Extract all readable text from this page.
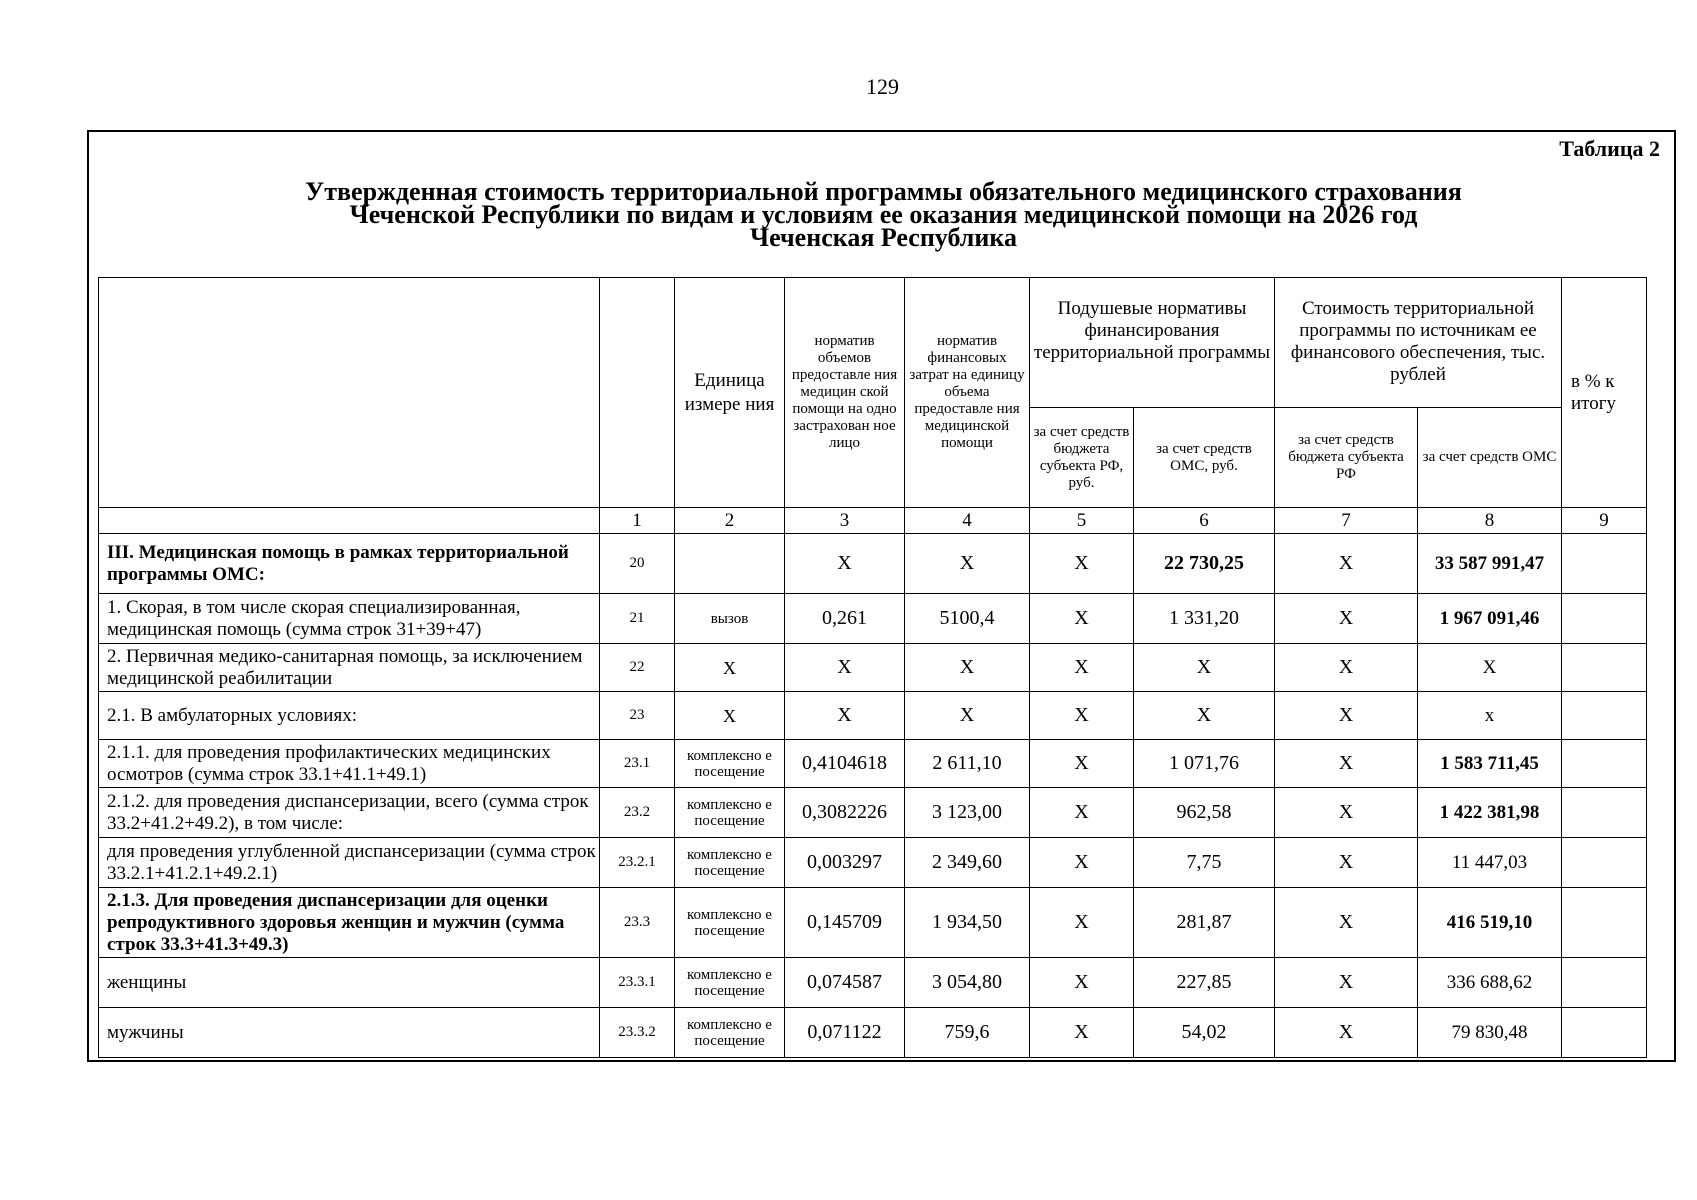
129
Таблица 2
Утвержденная стоимость территориальной программы обязательного медицинского страхования
Чеченской Республики по видам и условиям ее оказания медицинской помощи на 2026 год
Чеченская Республика
		Единица измере ния	норматив объемов предоставле ния медицин ской помощи на одно застрахован ное лицо	норматив финансовых затрат на единицу объема предоставле ния медицинской помощи	Подушевые нормативы финансирования территориальной программы		Стоимость территориальной программы по источникам ее финансового обеспечения, тыс. рублей		в % к итогу
					за счет средств бюджета субъекта РФ, руб.	за счет средств ОМС, руб.	за счет средств бюджета субъекта РФ	за счет средств ОМС	
	1	2	3	4	5	6	7	8	9
III. Медицинская помощь в рамках территориальной программы ОМС:	20		X	X	X	22 730,25	X	33 587 991,47	
1. Скорая, в том числе скорая специализированная, медицинская помощь (сумма строк 31+39+47)	21	вызов	0,261	5100,4	X	1 331,20	X	1 967 091,46	
2. Первичная медико-санитарная помощь, за исключением медицинской реабилитации	22	X	X	X	X	X	X	X	
2.1. В амбулаторных условиях:	23	X	X	X	X	X	X	x	
2.1.1. для проведения профилактических медицинских осмотров (сумма строк 33.1+41.1+49.1)	23.1	комплексно е посещение	0,4104618	2 611,10	X	1 071,76	X	1 583 711,45	
2.1.2. для проведения диспансеризации, всего (сумма строк 33.2+41.2+49.2), в том числе:	23.2	комплексно е посещение	0,3082226	3 123,00	X	962,58	X	1 422 381,98	
для проведения углубленной диспансеризации (сумма строк 33.2.1+41.2.1+49.2.1)	23.2.1	комплексно е посещение	0,003297	2 349,60	X	7,75	X	11 447,03	
2.1.3. Для проведения диспансеризации для оценки репродуктивного здоровья женщин и мужчин (сумма строк 33.3+41.3+49.3)	23.3	комплексно е посещение	0,145709	1 934,50	X	281,87	X	416 519,10	
женщины	23.3.1	комплексно е посещение	0,074587	3 054,80	X	227,85	X	336 688,62	
мужчины	23.3.2	комплексно е посещение	0,071122	759,6	X	54,02	X	79 830,48	
